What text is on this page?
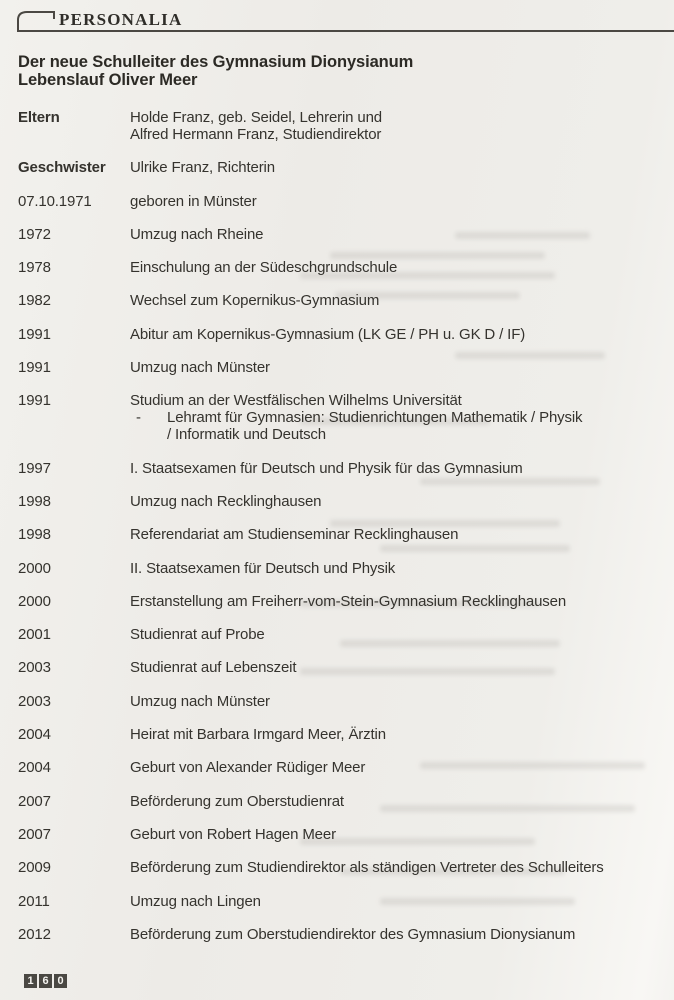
PERSONALIA
Der neue Schulleiter des Gymnasium Dionysianum
Lebenslauf Oliver Meer
Eltern	Holde Franz, geb. Seidel, Lehrerin und
Alfred Hermann Franz, Studiendirektor
Geschwister	Ulrike Franz, Richterin
07.10.1971	geboren in Münster
1972	Umzug nach Rheine
1978	Einschulung an der Südeschgrundschule
1982	Wechsel zum Kopernikus-Gymnasium
1991	Abitur am Kopernikus-Gymnasium (LK GE / PH u. GK D / IF)
1991	Umzug nach Münster
1991	Studium an der Westfälischen Wilhelms Universität
-	Lehramt für Gymnasien: Studienrichtungen Mathematik / Physik
/ Informatik und Deutsch
1997	I. Staatsexamen für Deutsch und Physik für das Gymnasium
1998	Umzug nach Recklinghausen
1998	Referendariat am Studienseminar Recklinghausen
2000	II. Staatsexamen für Deutsch und Physik
2000	Erstanstellung am Freiherr-vom-Stein-Gymnasium Recklinghausen
2001	Studienrat auf Probe
2003	Studienrat auf Lebenszeit
2003	Umzug nach Münster
2004	Heirat mit Barbara Irmgard Meer, Ärztin
2004	Geburt von Alexander Rüdiger Meer
2007	Beförderung zum Oberstudienrat
2007	Geburt von Robert Hagen Meer
2009	Beförderung zum Studiendirektor als ständigen Vertreter des Schulleiters
2011	Umzug nach Lingen
2012	Beförderung zum Oberstudiendirektor des Gymnasium Dionysianum
1 6 0
